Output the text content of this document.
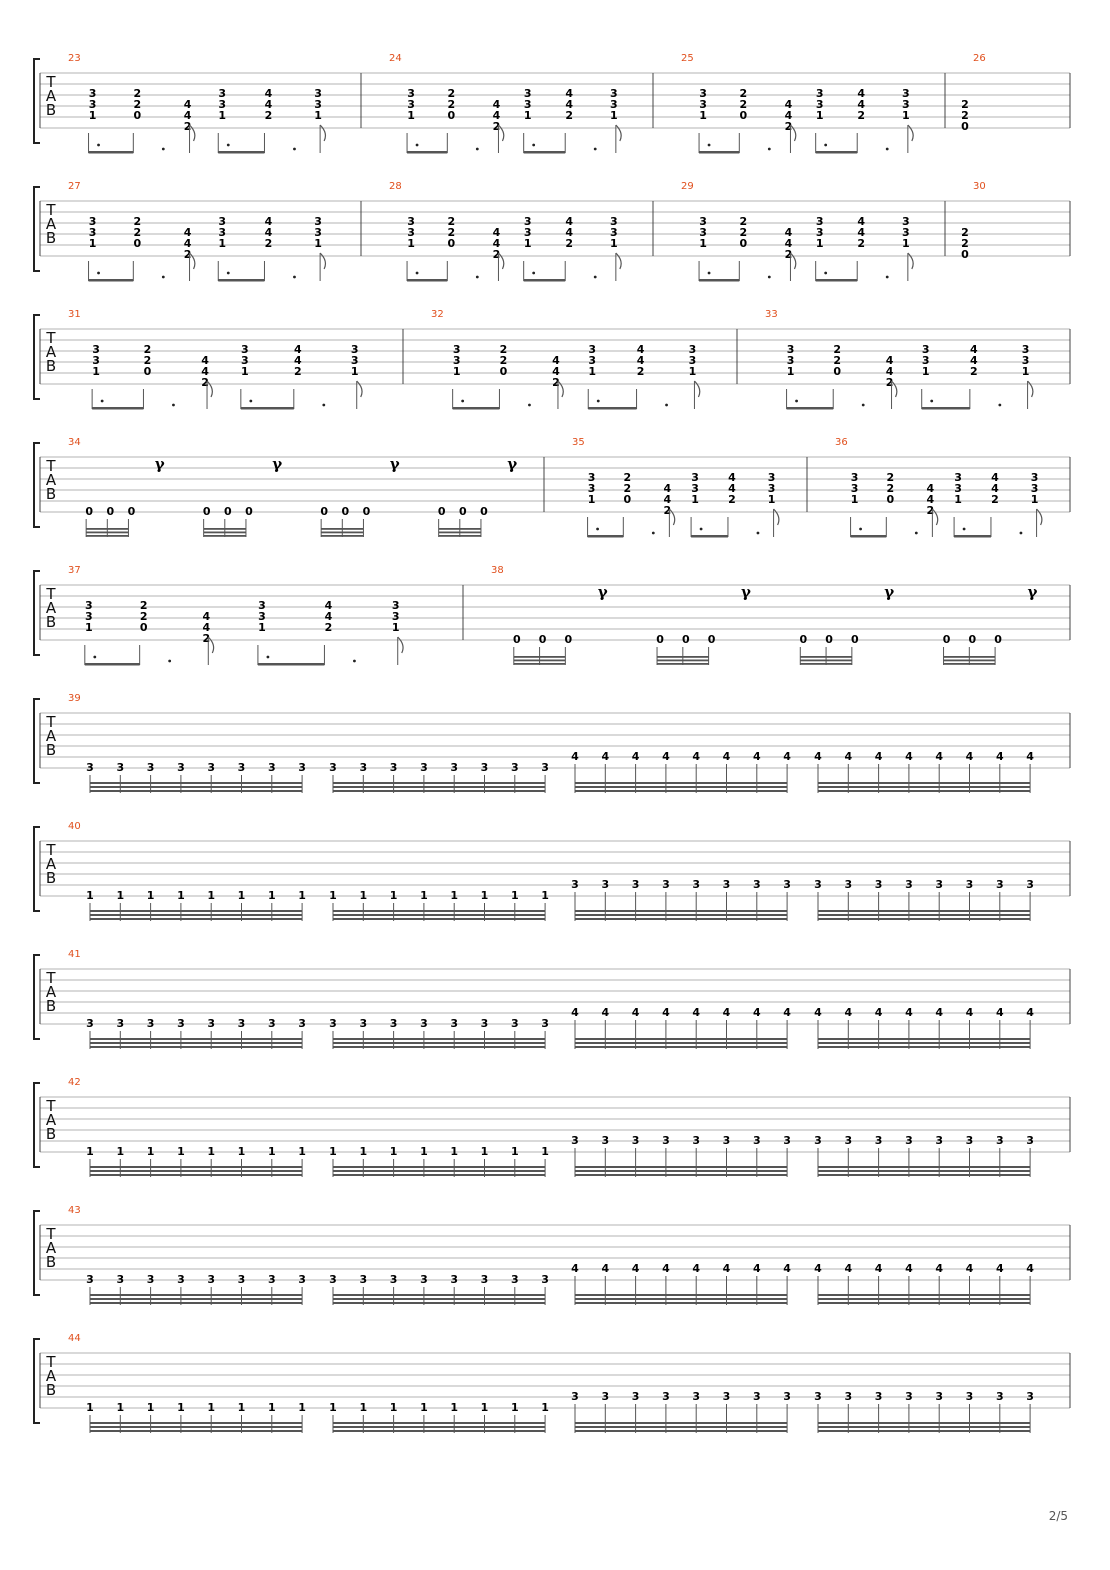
T
A
B
23
3
3
1
2
2
0
4
4
2
3
3
1
4
4
2
3
3
1
24
3
3
1
2
2
0
4
4
2
3
3
1
4
4
2
3
3
1
25
3
3
1
2
2
0
4
4
2
3
3
1
4
4
2
3
3
1
26
2
2
0
T
A
B
27
3
3
1
2
2
0
4
4
2
3
3
1
4
4
2
3
3
1
28
3
3
1
2
2
0
4
4
2
3
3
1
4
4
2
3
3
1
29
3
3
1
2
2
0
4
4
2
3
3
1
4
4
2
3
3
1
30
2
2
0
T
A
B
31
3
3
1
2
2
0
4
4
2
3
3
1
4
4
2
3
3
1
32
3
3
1
2
2
0
4
4
2
3
3
1
4
4
2
3
3
1
33
3
3
1
2
2
0
4
4
2
3
3
1
4
4
2
3
3
1
T
A
B
34
0 0 0
γ
0 0 0
γ
0 0 0
γ
0 0 0
γ
35
3
3
1
2
2
0
4
4
2
3
3
1
4
4
2
3
3
1
36
3
3
1
2
2
0
4
4
2
3
3
1
4
4
2
3
3
1
T
A
B
37
3
3
1
2
2
0
4
4
2
3
3
1
4
4
2
3
3
1
38
0 0 0
γ
0 0 0
γ
0 0 0
γ
0 0 0
γ
T
A
B
39
3 3 3 3 3 3 3 3 3 3 3 3 3 3 3 3
4 4 4 4 4 4 4 4 4 4 4 4 4 4 4 4
T
A
B
40
1 1 1 1 1 1 1 1 1 1 1 1 1 1 1 1
3 3 3 3 3 3 3 3 3 3 3 3 3 3 3 3
T
A
B
41
3 3 3 3 3 3 3 3 3 3 3 3 3 3 3 3
4 4 4 4 4 4 4 4 4 4 4 4 4 4 4 4
T
A
B
42
1 1 1 1 1 1 1 1 1 1 1 1 1 1 1 1
3 3 3 3 3 3 3 3 3 3 3 3 3 3 3 3
T
A
B
43
3 3 3 3 3 3 3 3 3 3 3 3 3 3 3 3
4 4 4 4 4 4 4 4 4 4 4 4 4 4 4 4
T
A
B
44
1 1 1 1 1 1 1 1 1 1 1 1 1 1 1 1
3 3 3 3 3 3 3 3 3 3 3 3 3 3 3 3
2/5
